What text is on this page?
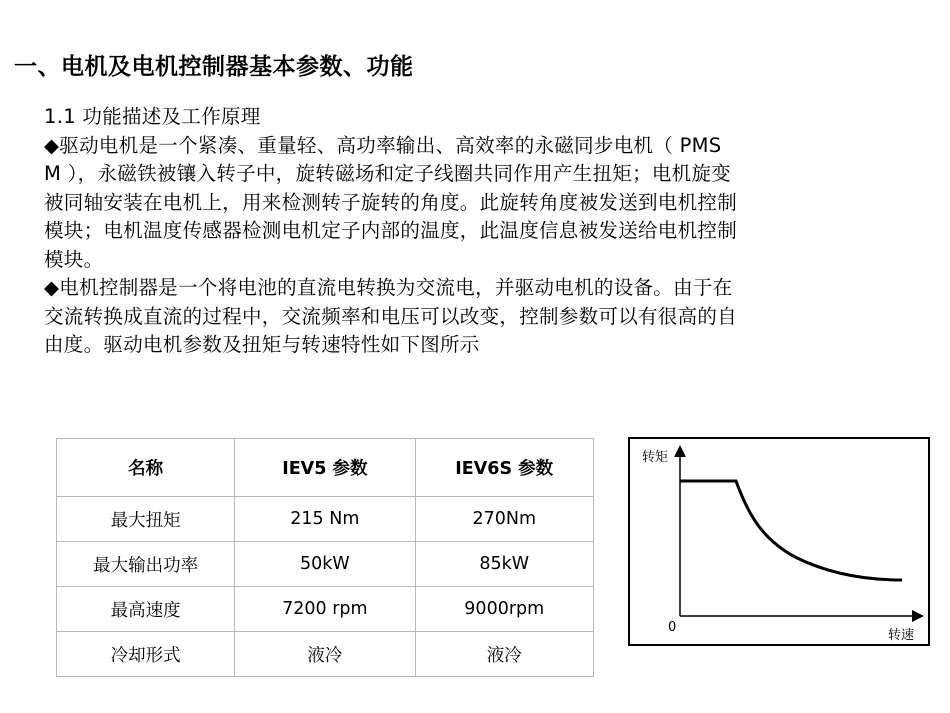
一、电机及电机控制器基本参数、功能
1.1 功能描述及工作原理
◆驱动电机是一个紧凑、重量轻、高功率输出、高效率的永磁同步电机（ PMS
M ），永磁铁被镶入转子中，旋转磁场和定子线圈共同作用产生扭矩；电机旋变
被同轴安装在电机上，用来检测转子旋转的角度。此旋转角度被发送到电机控制
模块；电机温度传感器检测电机定子内部的温度，此温度信息被发送给电机控制
模块。
◆电机控制器是一个将电池的直流电转换为交流电，并驱动电机的设备。由于在
交流转换成直流的过程中，交流频率和电压可以改变，控制参数可以有很高的自
由度。驱动电机参数及扭矩与转速特性如下图所示
名称	IEV5 参数	IEV6S 参数
最大扭矩	215 Nm	270Nm
最大输出功率	50kW	85kW
最高速度	7200 rpm	9000rpm
冷却形式	液冷	液冷
转矩
0
转速
